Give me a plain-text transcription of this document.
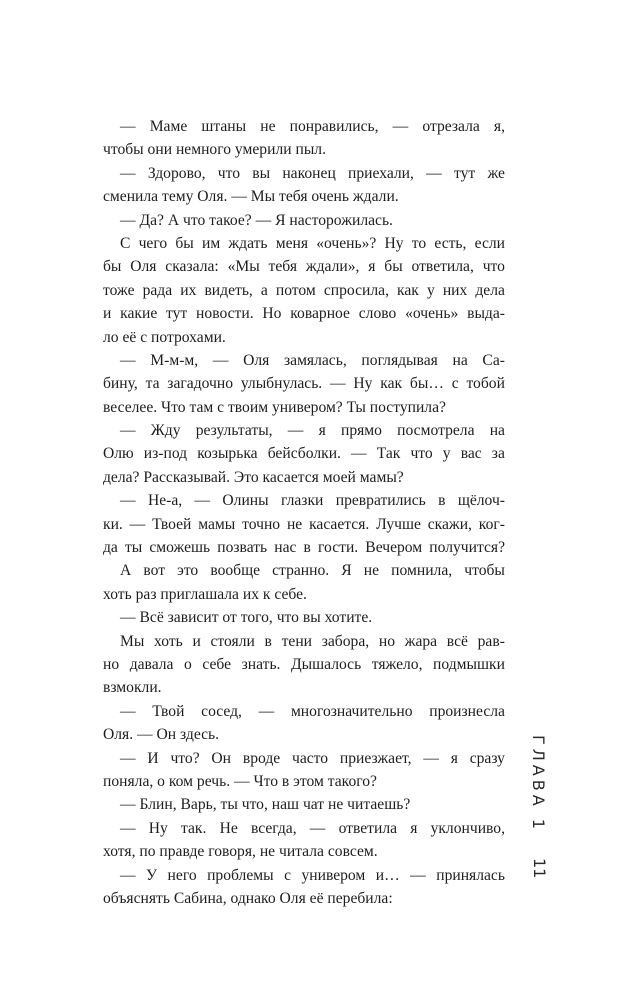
— Маме штаны не понравились, — отрезала я,
чтобы они немного умерили пыл.
— Здорово, что вы наконец приехали, — тут же
сменила тему Оля. — Мы тебя очень ждали.
— Да? А что такое? — Я насторожилась.
С чего бы им ждать меня «очень»? Ну то есть, если
бы Оля сказала: «Мы тебя ждали», я бы ответила, что
тоже рада их видеть, а потом спросила, как у них дела
и какие тут новости. Но коварное слово «очень» выда-
ло её с потрохами.
— М-м-м, — Оля замялась, поглядывая на Са-
бину, та загадочно улыбнулась. — Ну как бы… с тобой
веселее. Что там с твоим универом? Ты поступила?
— Жду результаты, — я прямо посмотрела на
Олю из-под козырька бейсболки. — Так что у вас за
дела? Рассказывай. Это касается моей мамы?
— Не-а, — Олины глазки превратились в щёлоч-
ки. — Твоей мамы точно не касается. Лучше скажи, ког-
да ты сможешь позвать нас в гости. Вечером получится?
А вот это вообще странно. Я не помнила, чтобы
хоть раз приглашала их к себе.
— Всё зависит от того, что вы хотите.
Мы хоть и стояли в тени забора, но жара всё рав-
но давала о себе знать. Дышалось тяжело, подмышки
взмокли.
— Твой сосед, — многозначительно произнесла
Оля. — Он здесь.
— И что? Он вроде часто приезжает, — я сразу
поняла, о ком речь. — Что в этом такого?
— Блин, Варь, ты что, наш чат не читаешь?
— Ну так. Не всегда, — ответила я уклончиво,
хотя, по правде говоря, не читала совсем.
— У него проблемы с универом и… — принялась
объяснять Сабина, однако Оля её перебила:
ГЛАВА 1
11
